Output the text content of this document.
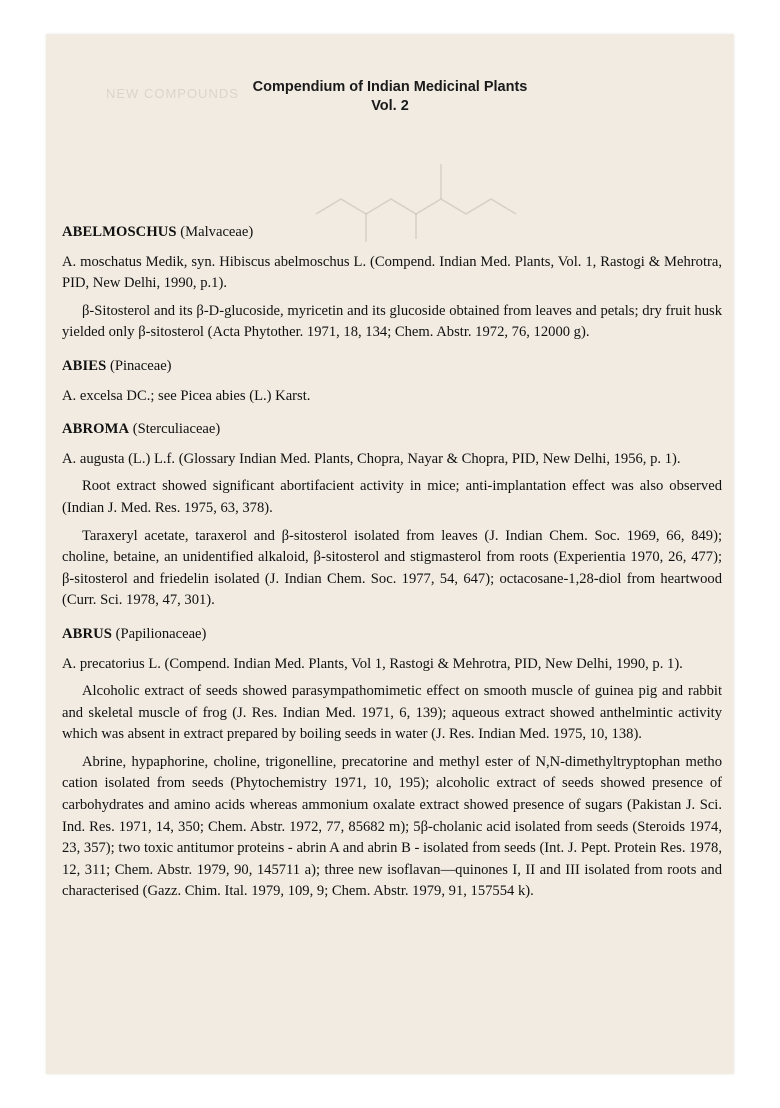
NEW COMPOUNDS Compendium of Indian Medicinal Plants
Vol. 2
ABELMOSCHUS (Malvaceae)

A. moschatus Medik, syn. Hibiscus abelmoschus L. (Compend. Indian Med. Plants, Vol. 1, Rastogi & Mehrotra, PID, New Delhi, 1990, p.1).

β-Sitosterol and its β-D-glucoside, myricetin and its glucoside obtained from leaves and petals; dry fruit husk yielded only β-sitosterol (Acta Phytother. 1971, 18, 134; Chem. Abstr. 1972, 76, 12000 g).

ABIES (Pinaceae)

A. excelsa DC.; see Picea abies (L.) Karst.

ABROMA (Sterculiaceae)

A. augusta (L.) L.f. (Glossary Indian Med. Plants, Chopra, Nayar & Chopra, PID, New Delhi, 1956, p. 1).

Root extract showed significant abortifacient activity in mice; anti-implantation effect was also observed (Indian J. Med. Res. 1975, 63, 378).

Taraxeryl acetate, taraxerol and β-sitosterol isolated from leaves (J. Indian Chem. Soc. 1969, 66, 849); choline, betaine, an unidentified alkaloid, β-sitosterol and stigmasterol from roots (Experientia 1970, 26, 477); β-sitosterol and friedelin isolated (J. Indian Chem. Soc. 1977, 54, 647); octacosane-1,28-diol from heartwood (Curr. Sci. 1978, 47, 301).

ABRUS (Papilionaceae)

A. precatorius L. (Compend. Indian Med. Plants, Vol 1, Rastogi & Mehrotra, PID, New Delhi, 1990, p. 1).

Alcoholic extract of seeds showed parasympathomimetic effect on smooth muscle of guinea pig and rabbit and skeletal muscle of frog (J. Res. Indian Med. 1971, 6, 139); aqueous extract showed anthelmintic activity which was absent in extract prepared by boiling seeds in water (J. Res. Indian Med. 1975, 10, 138).

Abrine, hypaphorine, choline, trigonelline, precatorine and methyl ester of N,N-dimethyltryptophan metho cation isolated from seeds (Phytochemistry 1971, 10, 195); alcoholic extract of seeds showed presence of carbohydrates and amino acids whereas ammonium oxalate extract showed presence of sugars (Pakistan J. Sci. Ind. Res. 1971, 14, 350; Chem. Abstr. 1972, 77, 85682 m); 5β-cholanic acid isolated from seeds (Steroids 1974, 23, 357); two toxic antitumor proteins - abrin A and abrin B - isolated from seeds (Int. J. Pept. Protein Res. 1978, 12, 311; Chem. Abstr. 1979, 90, 145711 a); three new isoflavan—quinones I, II and III isolated from roots and characterised (Gazz. Chim. Ital. 1979, 109, 9; Chem. Abstr. 1979, 91, 157554 k).
